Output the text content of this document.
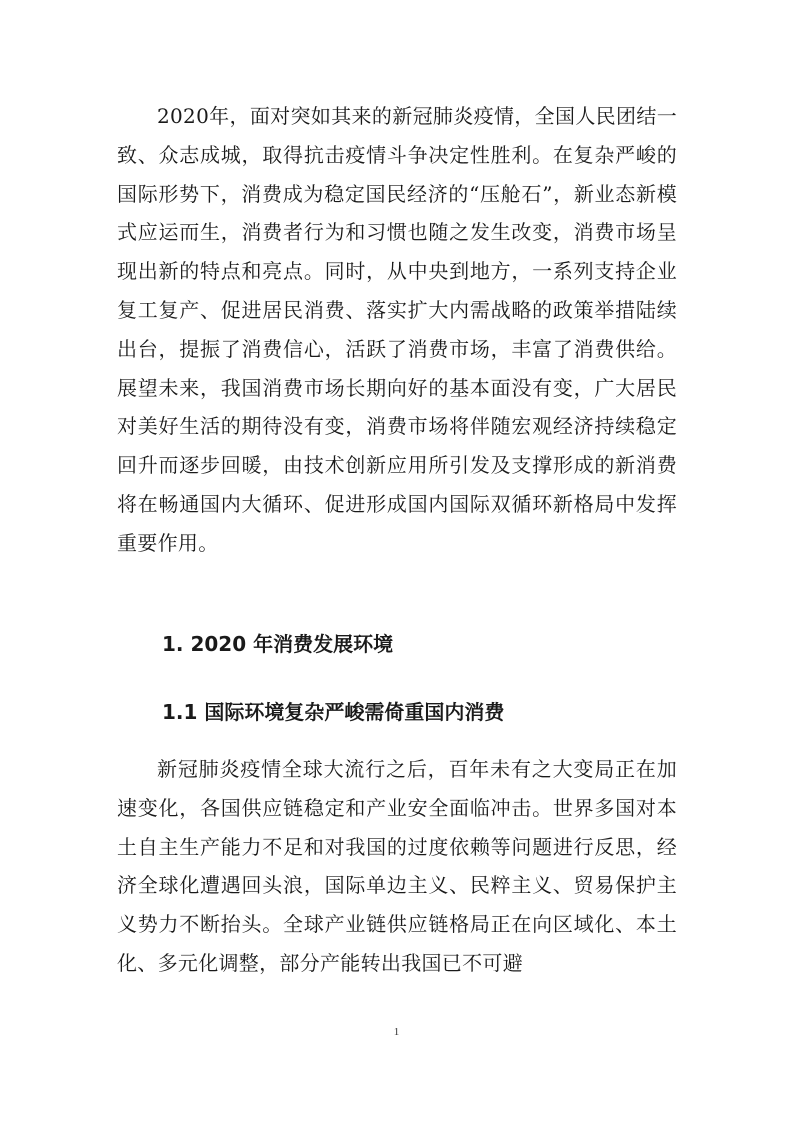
2020年，面对突如其来的新冠肺炎疫情，全国人民团结一致、众志成城，取得抗击疫情斗争决定性胜利。在复杂严峻的国际形势下，消费成为稳定国民经济的“压舱石”，新业态新模式应运而生，消费者行为和习惯也随之发生改变，消费市场呈现出新的特点和亮点。同时，从中央到地方，一系列支持企业复工复产、促进居民消费、落实扩大内需战略的政策举措陆续出台，提振了消费信心，活跃了消费市场，丰富了消费供给。展望未来，我国消费市场长期向好的基本面没有变，广大居民对美好生活的期待没有变，消费市场将伴随宏观经济持续稳定回升而逐步回暖，由技术创新应用所引发及支撑形成的新消费将在畅通国内大循环、促进形成国内国际双循环新格局中发挥重要作用。

1. 2020 年消费发展环境
1.1 国际环境复杂严峻需倚重国内消费

新冠肺炎疫情全球大流行之后，百年未有之大变局正在加速变化，各国供应链稳定和产业安全面临冲击。世界多国对本土自主生产能力不足和对我国的过度依赖等问题进行反思，经济全球化遭遇回头浪，国际单边主义、民粹主义、贸易保护主义势力不断抬头。全球产业链供应链格局正在向区域化、本土化、多元化调整，部分产能转出我国已不可避

1
